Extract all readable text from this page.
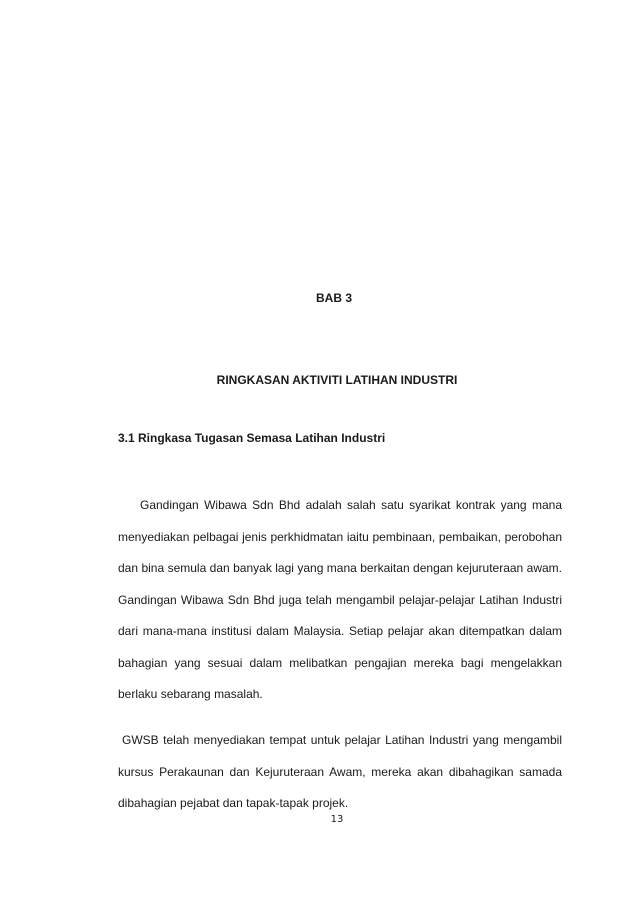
BAB 3
RINGKASAN AKTIVITI LATIHAN INDUSTRI
3.1 Ringkasa Tugasan Semasa Latihan Industri

Gandingan Wibawa Sdn Bhd adalah salah satu syarikat kontrak yang mana menyediakan pelbagai jenis perkhidmatan iaitu pembinaan, pembaikan, perobohan dan bina semula dan banyak lagi yang mana berkaitan dengan kejuruteraan awam. Gandingan Wibawa Sdn Bhd juga telah mengambil pelajar-pelajar Latihan Industri dari mana-mana institusi dalam Malaysia. Setiap pelajar akan ditempatkan dalam bahagian yang sesuai dalam melibatkan pengajian mereka bagi mengelakkan berlaku sebarang masalah.

GWSB telah menyediakan tempat untuk pelajar Latihan Industri yang mengambil kursus Perakaunan dan Kejuruteraan Awam, mereka akan dibahagikan samada dibahagian pejabat dan tapak-tapak projek.

13
